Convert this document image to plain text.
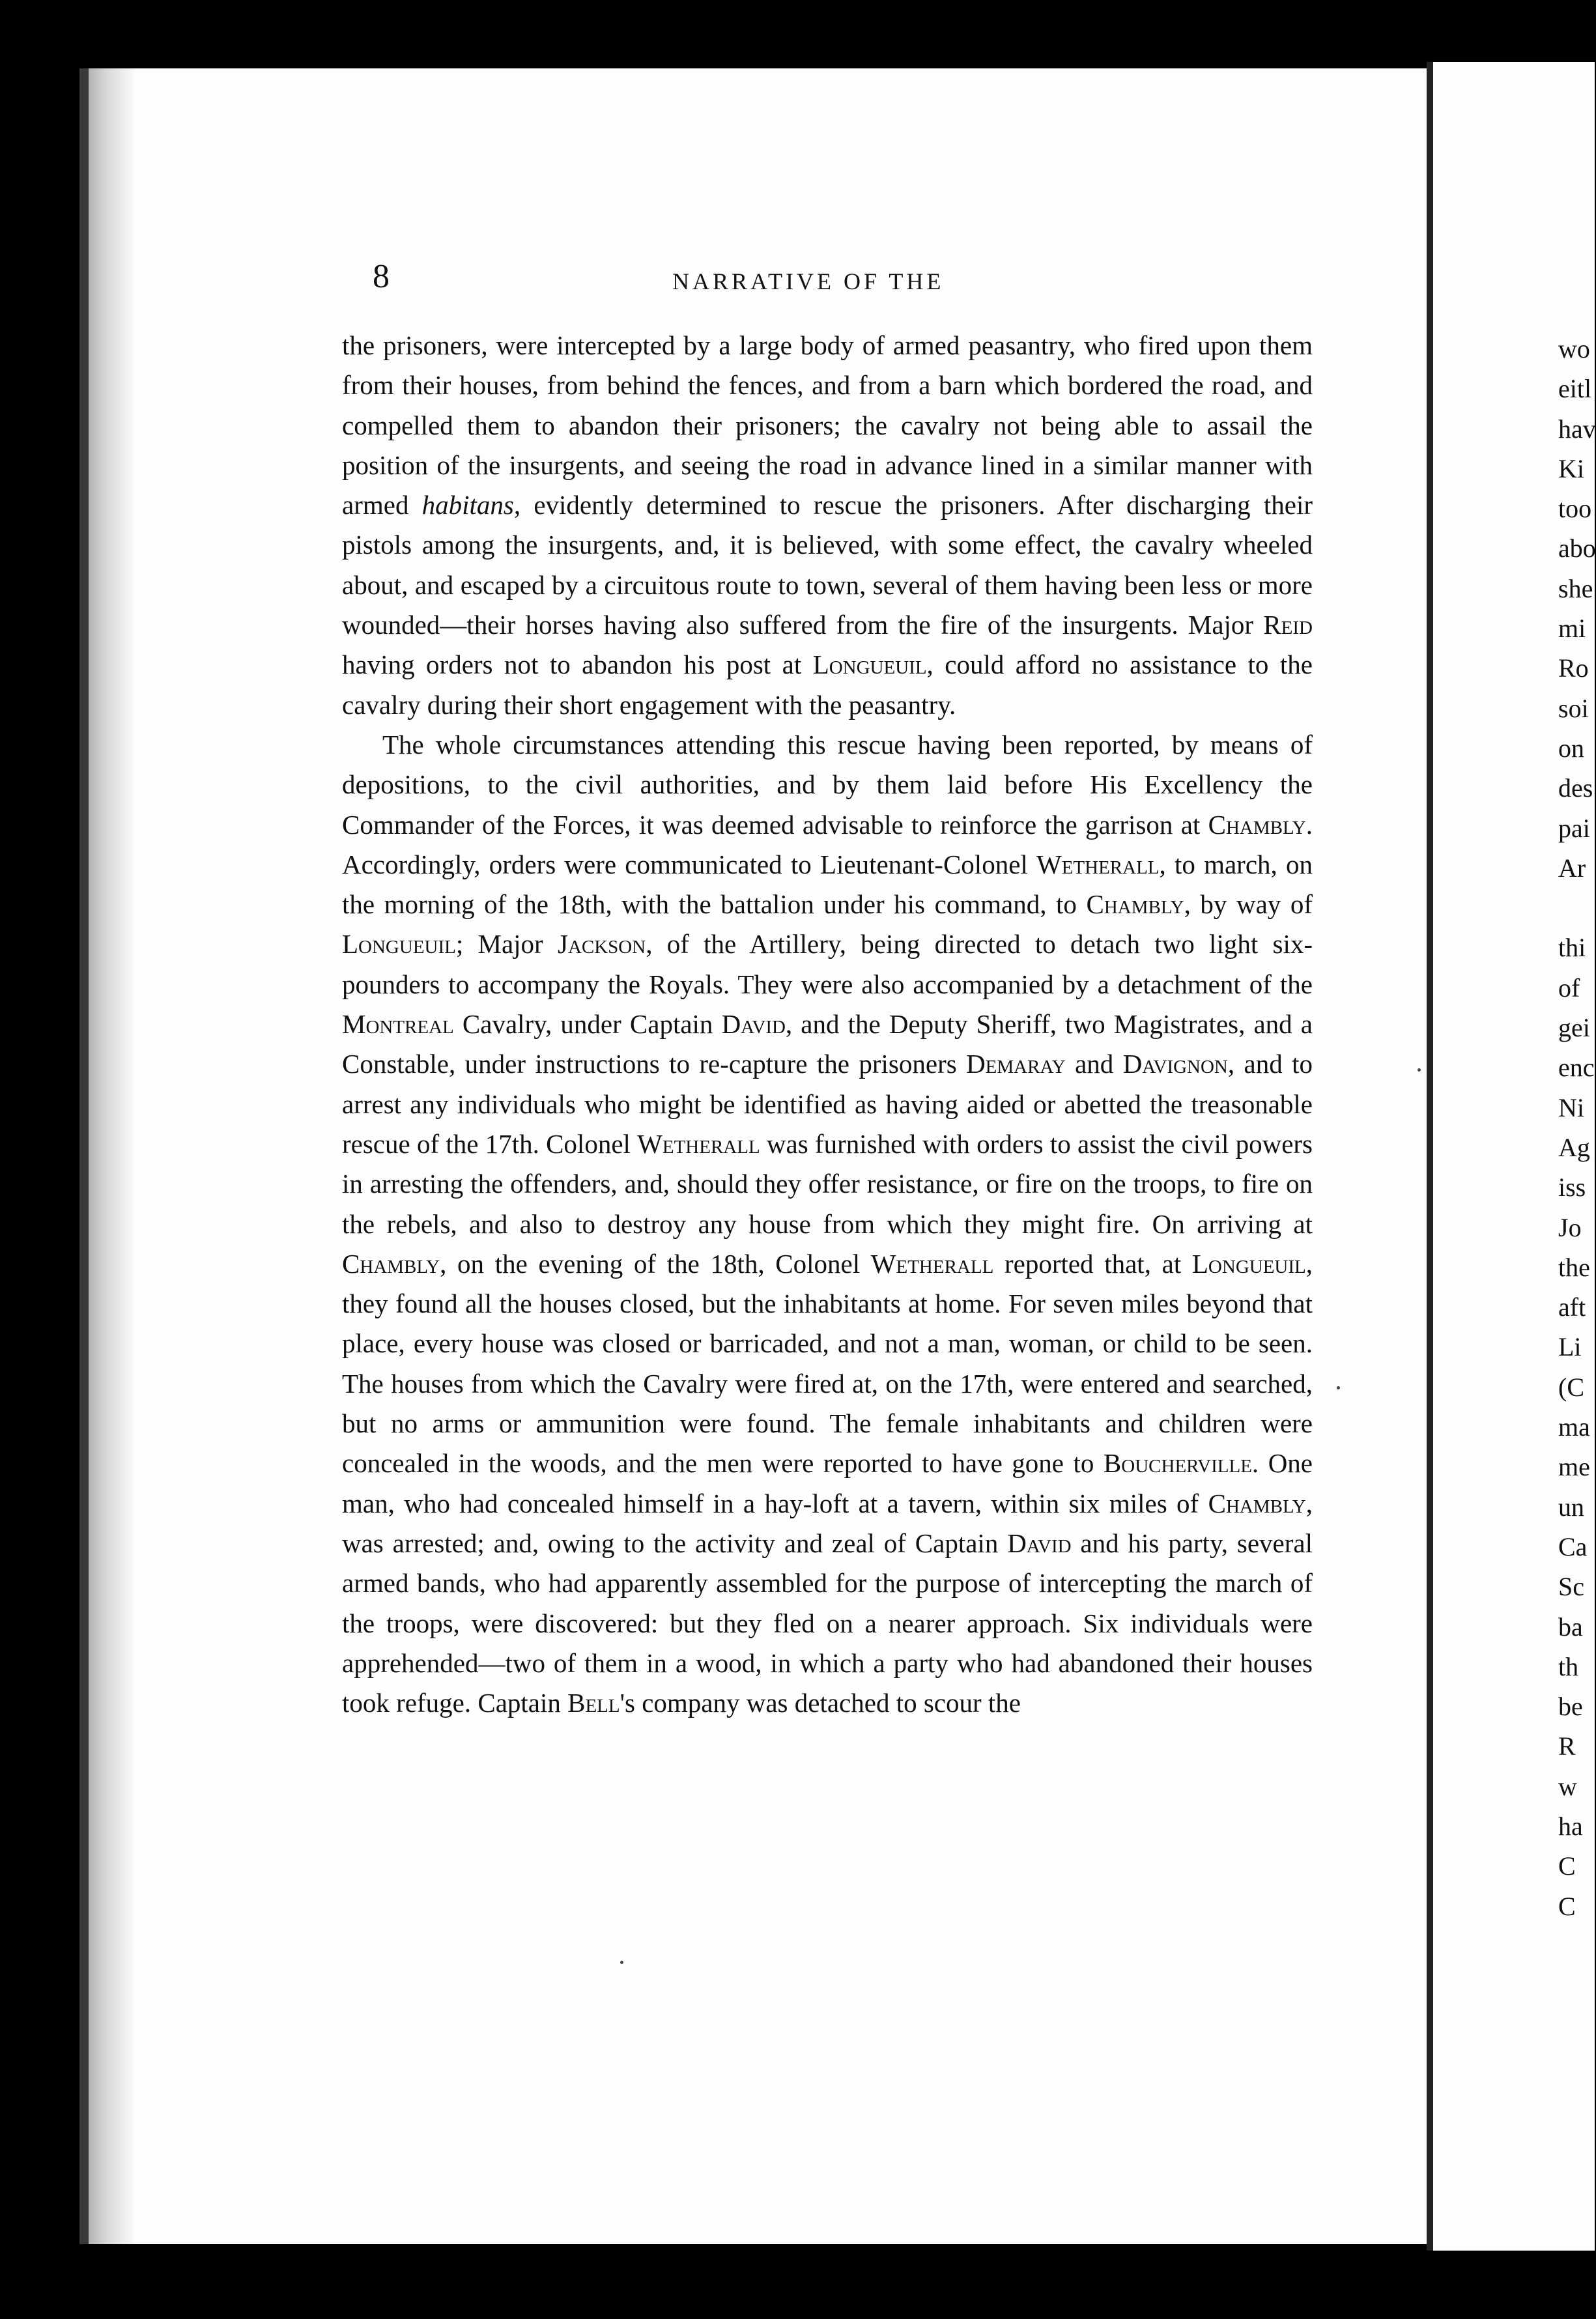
8	NARRATIVE OF THE

the prisoners, were intercepted by a large body of armed peasantry, who fired upon them from their houses, from behind the fences, and from a barn which bordered the road, and compelled them to abandon their prisoners; the cavalry not being able to assail the position of the insurgents, and seeing the road in advance lined in a similar manner with armed habitans, evidently determined to rescue the prisoners. After discharging their pistols among the insurgents, and, it is believed, with some effect, the cavalry wheeled about, and escaped by a circuitous route to town, several of them having been less or more wounded—their horses having also suffered from the fire of the insurgents. Major Reid having orders not to abandon his post at Longueuil, could afford no assistance to the cavalry during their short engagement with the peasantry.

The whole circumstances attending this rescue having been reported, by means of depositions, to the civil authorities, and by them laid before His Excellency the Commander of the Forces, it was deemed advisable to reinforce the garrison at Chambly. Accordingly, orders were communicated to Lieutenant-Colonel Wetherall, to march, on the morning of the 18th, with the battalion under his command, to Chambly, by way of Longueuil; Major Jackson, of the Artillery, being directed to detach two light six-pounders to accompany the Royals. They were also accompanied by a detachment of the Montreal Cavalry, under Captain David, and the Deputy Sheriff, two Magistrates, and a Constable, under instructions to re-capture the prisoners Demaray and Davignon, and to arrest any individuals who might be identified as having aided or abetted the treasonable rescue of the 17th. Colonel Wetherall was furnished with orders to assist the civil powers in arresting the offenders, and, should they offer resistance, or fire on the troops, to fire on the rebels, and also to destroy any house from which they might fire. On arriving at Chambly, on the evening of the 18th, Colonel Wetherall reported that, at Longueuil, they found all the houses closed, but the inhabitants at home. For seven miles beyond that place, every house was closed or barricaded, and not a man, woman, or child to be seen. The houses from which the Cavalry were fired at, on the 17th, were entered and searched, but no arms or ammunition were found. The female inhabitants and children were concealed in the woods, and the men were reported to have gone to Boucherville. One man, who had concealed himself in a hay-loft at a tavern, within six miles of Chambly, was arrested; and, owing to the activity and zeal of Captain David and his party, several armed bands, who had apparently assembled for the purpose of intercepting the march of the troops, were discovered: but they fled on a nearer approach. Six individuals were apprehended—two of them in a wood, in which a party who had abandoned their houses took refuge. Captain Bell's company was detached to scour the

wo
eitl
hav
Ki
too
abo
she
mi
Ro
soi
on
des
pai
Ar
thi
of
gei
enc
Ni
Ag
iss
Jo
the
aft
Li
(C
ma
me
un
Ca
Sc
ba
th
be
R
w
ha
C
C
